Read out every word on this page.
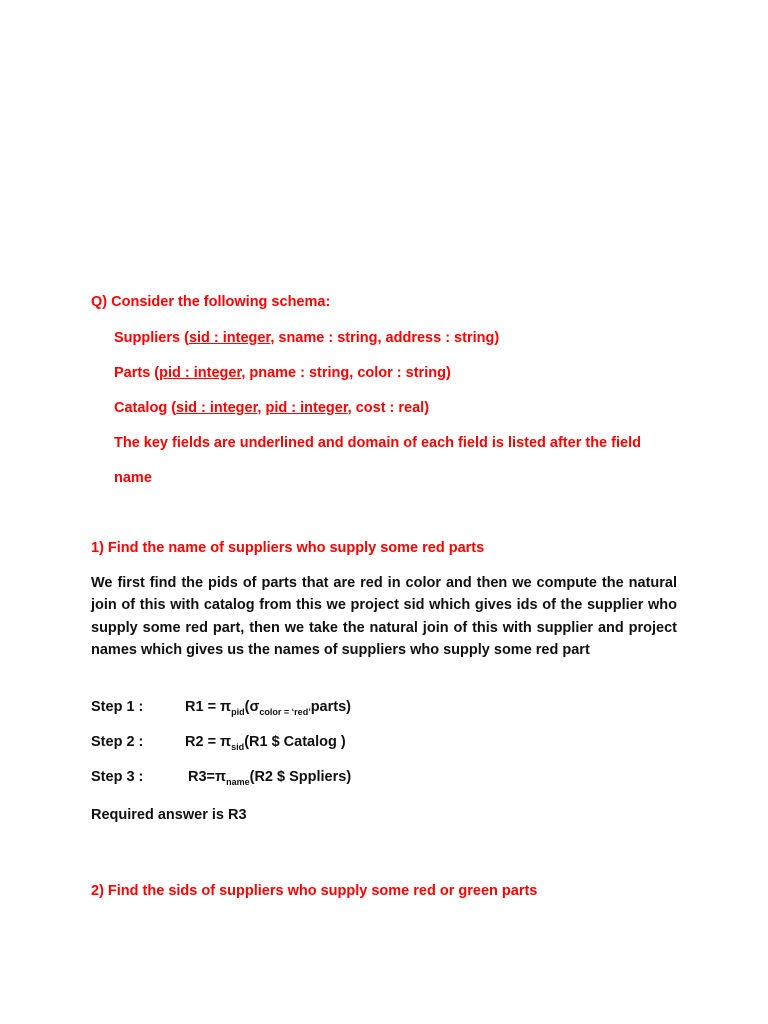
Q) Consider the following schema:
Suppliers (sid : integer, sname : string, address : string)
Parts (pid : integer, pname : string, color : string)
Catalog (sid : integer, pid : integer, cost : real)
The key fields are underlined and domain of each field is listed after the field
name
1) Find the name of suppliers who supply some red parts
We first find the pids of parts that are red in color and then we compute the natural join of this with catalog from this we project sid which gives ids of the supplier who supply some red part, then we take the natural join of this with supplier and project names which gives us the names of suppliers who supply some red part
Step 1 :	$R1 = \pi_{pid}(\sigma_{color = ‘red’}parts)$
Step 2 :	$R2 = \pi_{sid}(R1$ $ Catalog )
Step 3 :	$R3=\pi_{name}(R2$ $ Sppliers)
Required answer is R3
2) Find the sids of suppliers who supply some red or green parts
